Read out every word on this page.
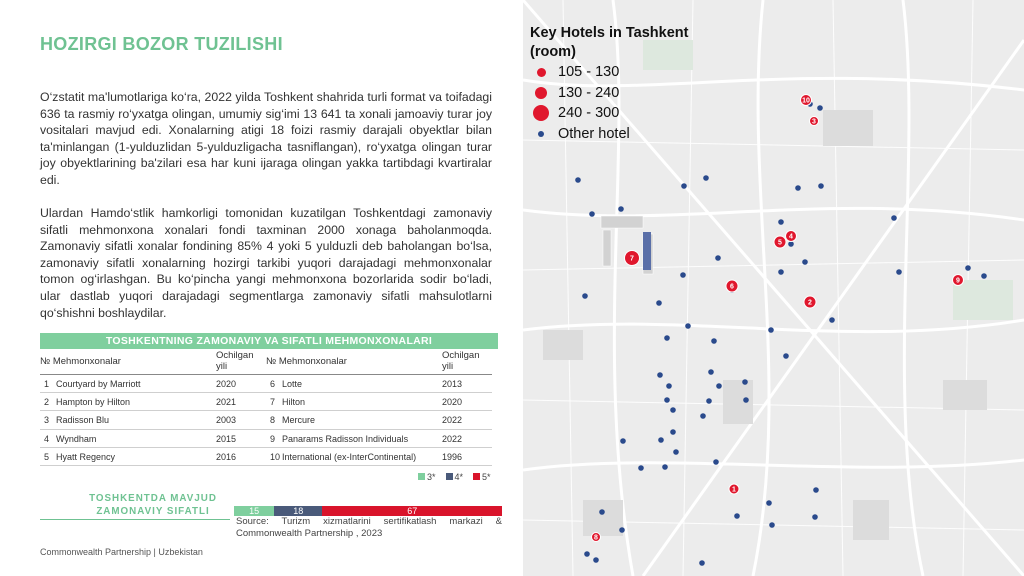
HOZIRGI BOZOR TUZILISHI
O‘zstatit ma'lumotlariga ko‘ra, 2022 yilda Toshkent shahrida turli format va toifadagi 636 ta rasmiy ro‘yxatga olingan, umumiy sig‘imi 13 641 ta xonali jamoaviy turar joy vositalari mavjud edi. Xonalarning atigi 18 foizi rasmiy darajali obyektlar bilan ta'minlangan (1-yulduzlidan 5-yulduzligacha tasniflangan), ro‘yxatga olingan turar joy obyektlarining ba'zilari esa har kuni ijaraga olingan yakka tartibdagi kvartiralar edi.
Ulardan Hamdo‘stlik hamkorligi tomonidan kuzatilgan Toshkentdagi zamonaviy sifatli mehmonxona xonalari fondi taxminan 2000 xonaga baholanmoqda. Zamonaviy sifatli xonalar fondining 85% 4 yoki 5 yulduzli deb baholangan bo‘lsa, zamonaviy sifatli xonalarning hozirgi tarkibi yuqori darajadagi mehmonxonalar tomon og‘irlashgan. Bu ko‘pincha yangi mehmonxona bozorlarida sodir bo‘ladi, ular dastlab yuqori darajadagi segmentlarga zamonaviy sifatli mahsulotlarni qo‘shishni boshlaydilar.
TOSHKENTNING ZAMONAVIY VA SIFATLI MEHMONXONALARI
№ Mehmonxonalar
Ochilgan yili
1 Courtyard by Marriott	2020
2 Hampton by Hilton	2021
3 Radisson Blu	2003
4 Wyndham	2015
5 Hyatt Regency	2016
№ Mehmonxonalar
Ochilgan yili
6 Lotte	2013
7 Hilton	2020
8 Mercure	2022
9 Panarams Radisson Individuals	2022
10 International (ex-InterContinental)	1996
3*	4*	5*
TOSHKENTDA MAVJUD ZAMONAVIY SIFATLI	15	18	67
Source: Turizm xizmatlarini sertifikatlash markazi & Commonwealth Partnership , 2023
Commonwealth Partnership | Uzbekistan
1
2
3
4
5
6
7
8
9
10
Key Hotels in Tashkent
(room)
105 - 130
130 - 240
240 - 300
Other hotel
